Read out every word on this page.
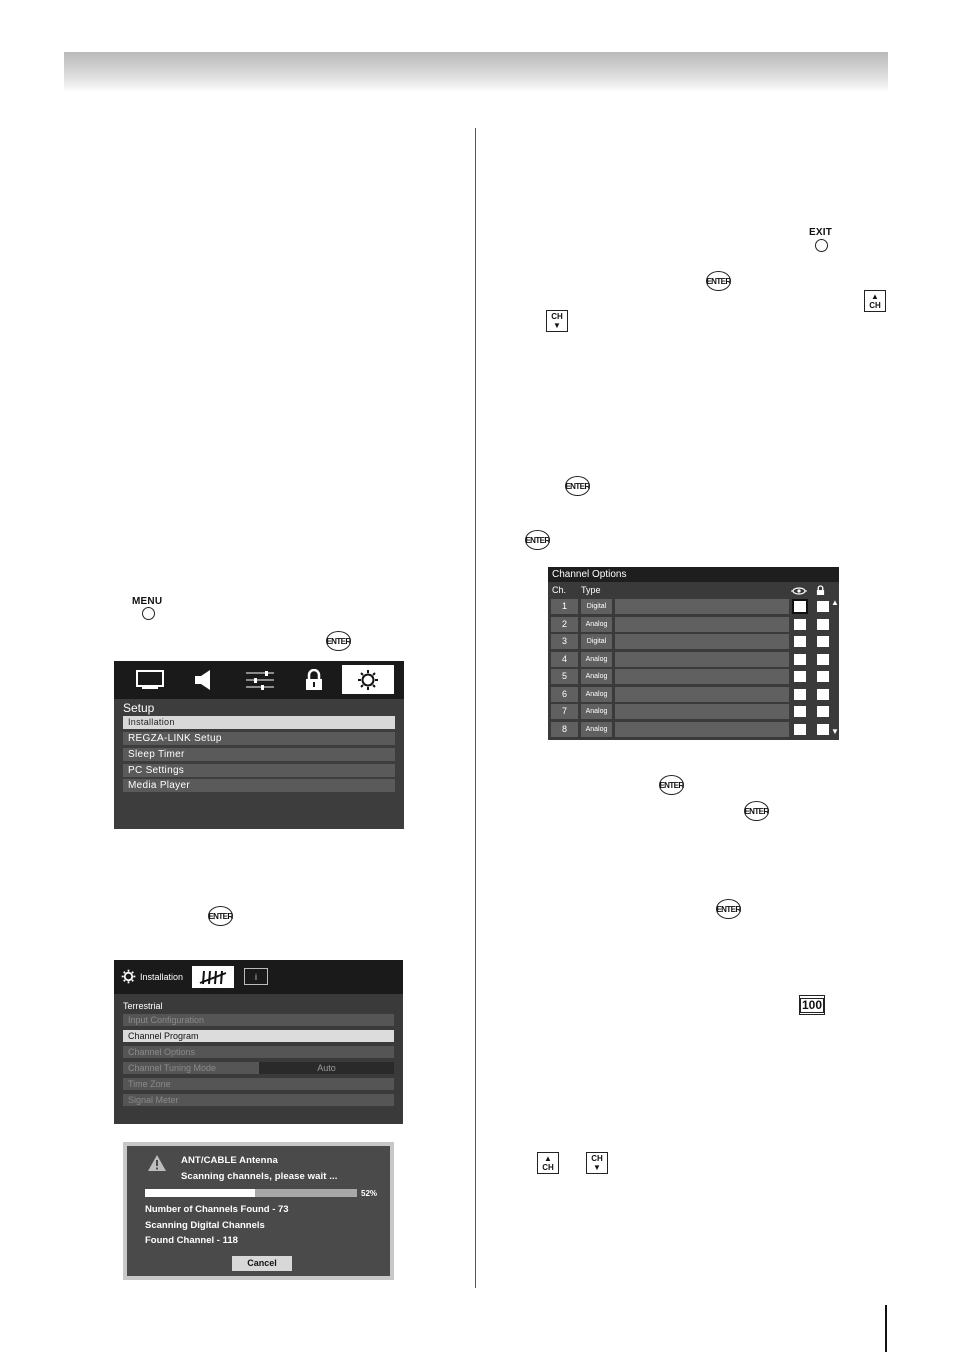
EXIT
ENTER
▲
CH
CH
▼
ENTER
ENTER
ENTER
ENTER
ENTER
100
▲
CH
CH
▼
MENU
ENTER
ENTER
Setup
Installation
REGZA-LINK Setup
Sleep Timer
PC Settings
Media Player
Installation	i
Terrestrial
Input Configuration
Channel Program
Channel Options
Channel Tuning Mode	Auto
Time Zone
Signal Meter
ANT/CABLE Antenna
Scanning channels, please wait ...
52%
Number of Channels Found - 73
Scanning Digital Channels
Found Channel - 118
Cancel
Channel Options
Ch. Type
1	Digital
2	Analog
3	Digital
4	Analog
5	Analog
6	Analog
7	Analog
8	Analog
▲
▼
